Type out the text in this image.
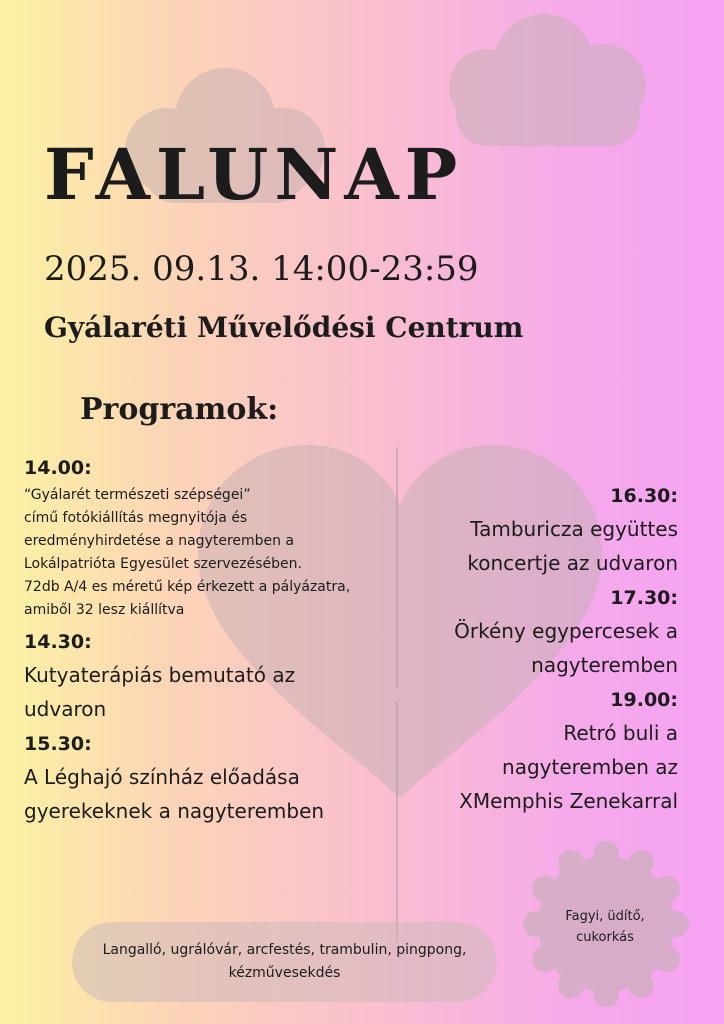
FALUNAP
2025. 09.13. 14:00-23:59
Gyálaréti Művelődési Centrum
Programok:
14.00:
“Gyálarét természeti szépségei”
című fotókiállítás megnyitója és
eredményhirdetése a nagyteremben a
Lokálpatrióta Egyesület szervezésében.
72db A/4 es méretű kép érkezett a pályázatra,
amiből 32 lesz kiállítva
14.30:
Kutyaterápiás bemutató az
udvaron
15.30:
A Léghajó színház előadása
gyerekeknek a nagyteremben
16.30:
Tamburicza együttes
koncertje az udvaron
17.30:
Örkény egypercesek a
nagyteremben
19.00:
Retró buli a
nagyteremben az
XMemphis Zenekarral
Langalló, ugrálóvár, arcfestés, trambulin, pingpong,
kézművesekdés
Fagyi, üdítő,
cukorkás
